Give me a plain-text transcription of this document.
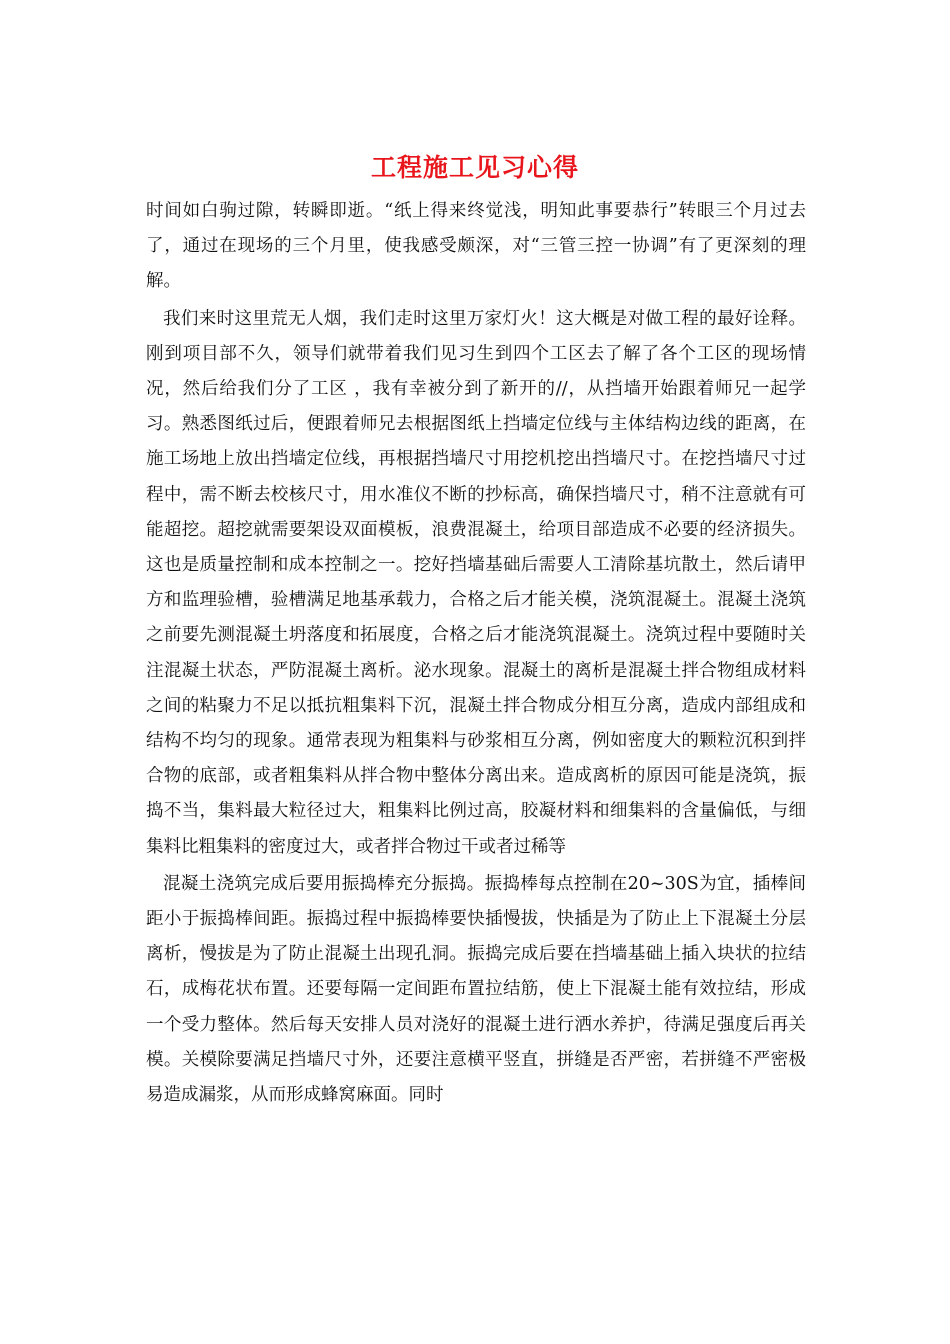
工程施工见习心得

时间如白驹过隙，转瞬即逝。“纸上得来终觉浅，明知此事要恭行”转眼三个月过去了，通过在现场的三个月里，使我感受颇深，对“三管三控一协调”有了更深刻的理解。

我们来时这里荒无人烟，我们走时这里万家灯火！这大概是对做工程的最好诠释。刚到项目部不久，领导们就带着我们见习生到四个工区去了解了各个工区的现场情况，然后给我们分了工区 ，我有幸被分到了新开的//，从挡墙开始跟着师兄一起学习。熟悉图纸过后，便跟着师兄去根据图纸上挡墙定位线与主体结构边线的距离，在施工场地上放出挡墙定位线，再根据挡墙尺寸用挖机挖出挡墙尺寸。在挖挡墙尺寸过程中，需不断去校核尺寸，用水准仪不断的抄标高，确保挡墙尺寸，稍不注意就有可能超挖。超挖就需要架设双面模板，浪费混凝土，给项目部造成不必要的经济损失。这也是质量控制和成本控制之一。挖好挡墙基础后需要人工清除基坑散土，然后请甲方和监理验槽，验槽满足地基承载力，合格之后才能关模，浇筑混凝土。混凝土浇筑之前要先测混凝土坍落度和拓展度，合格之后才能浇筑混凝土。浇筑过程中要随时关注混凝土状态，严防混凝土离析。泌水现象。混凝土的离析是混凝土拌合物组成材料之间的粘聚力不足以抵抗粗集料下沉，混凝土拌合物成分相互分离，造成内部组成和结构不均匀的现象。通常表现为粗集料与砂浆相互分离，例如密度大的颗粒沉积到拌合物的底部，或者粗集料从拌合物中整体分离出来。造成离析的原因可能是浇筑，振捣不当，集料最大粒径过大，粗集料比例过高，胶凝材料和细集料的含量偏低，与细集料比粗集料的密度过大，或者拌合物过干或者过稀等

混凝土浇筑完成后要用振捣棒充分振捣。振捣棒每点控制在20~30S为宜，插棒间距小于振捣棒间距。振捣过程中振捣棒要快插慢拔，快插是为了防止上下混凝土分层离析，慢拔是为了防止混凝土出现孔洞。振捣完成后要在挡墙基础上插入块状的拉结石，成梅花状布置。还要每隔一定间距布置拉结筋，使上下混凝土能有效拉结，形成一个受力整体。然后每天安排人员对浇好的混凝土进行洒水养护，待满足强度后再关模。关模除要满足挡墙尺寸外，还要注意横平竖直，拼缝是否严密，若拼缝不严密极易造成漏浆，从而形成蜂窝麻面。同时
